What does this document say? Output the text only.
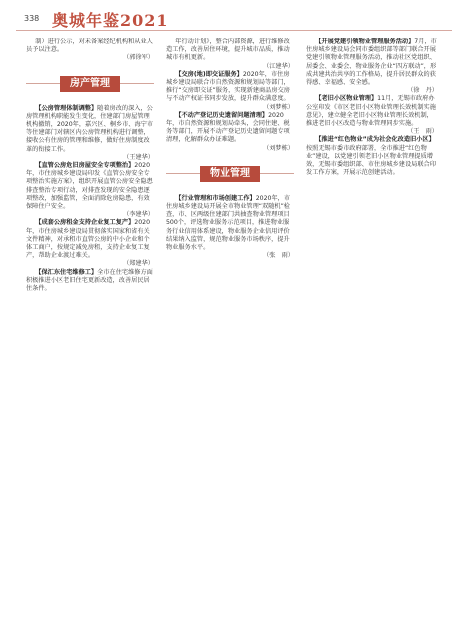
338 奥城年鉴2021

制）进行公示，对未备案经纪机构和从业人员予以注意。

（郭徐军）

房产管理

【公房管理体制调整】随着房改的深入，公房管理机构职能发生变化，住建部门房屋管理机构撤销，2020年，嘉兴区、桐乡市、海宁市等住建部门对辖区内公房管理机构进行调整，接收公有住房的管理和维修，做好住房制度改革的衔接工作。

（王建华）

【直管公房危旧房屋安全专项整治】2020年，市住房城乡建设局印发《直管公房安全专项整治实施方案》，组织开展直管公房安全隐患排查整治专项行动，对排查发现的安全隐患逐项整改，加强监管，全面消除危房隐患，有效保障住户安全。

（李建华）

【成套公房租金支持企业复工复产】2020年，市住房城乡建设局贯彻落实国家和省有关文件精神，对承租市直管公房的中小企业和个体工商户，按规定减免房租，支持企业复工复产，帮助企业渡过难关。

（郑建华）

【保汇东住宅维修工】全市在住宅维修方面积极推进小区老旧住宅更新改造，改善居民居住条件。

年行动计划》，整合内部资源，进行维修改造工作，改善居住环境，提升城市品质，推动城市有机更新。

（江建华）

【交房(地)即交证服务】2020年，市住房城乡建设局联合市自然资源和规划局等部门，推行“交房即交证”服务，实现新建商品房交房与不动产权证书同步发放，提升群众满意度。

（刘梦栋）

【不动产登记历史遗留问题清理】2020年，市自然资源和规划局牵头，会同住建、税务等部门，开展不动产登记历史遗留问题专项清理，化解群众办证难题。

（刘梦栋）

物业管理

【行业管理和市场创建工作】2020年，市住房城乡建设局开展全市物业管理“双随机”检查，市、区两级住建部门共抽查物业管理项目500个，评选物业服务示范项目，推进物业服务行业信用体系建设，物业服务企业信用评价结果纳入监管，规范物业服务市场秩序，提升物业服务水平。

（张　雨）

【开展党建引领物业管理服务活动】7月，市住房城乡建设局会同市委组织部等部门联合开展党建引领物业管理服务活动，推动社区党组织、居委会、业委会、物业服务企业“四方联动”，形成共建共治共享的工作格局，提升居民群众的获得感、幸福感、安全感。

（徐　丹）

【老旧小区物业管理】11月，无锡市政府办公室印发《市区老旧小区物业管理长效机制实施意见》，建立健全老旧小区物业管理长效机制，推进老旧小区改造与物业管理同步实施。

（王　雨）

【推进“红色物业”成为社会化改造旧小区】按照无锡市委市政府部署，全市推进“红色物业”建设，以党建引领老旧小区物业管理提质增效，无锡市委组织部、市住房城乡建设局联合印发工作方案，开展示范创建活动。
